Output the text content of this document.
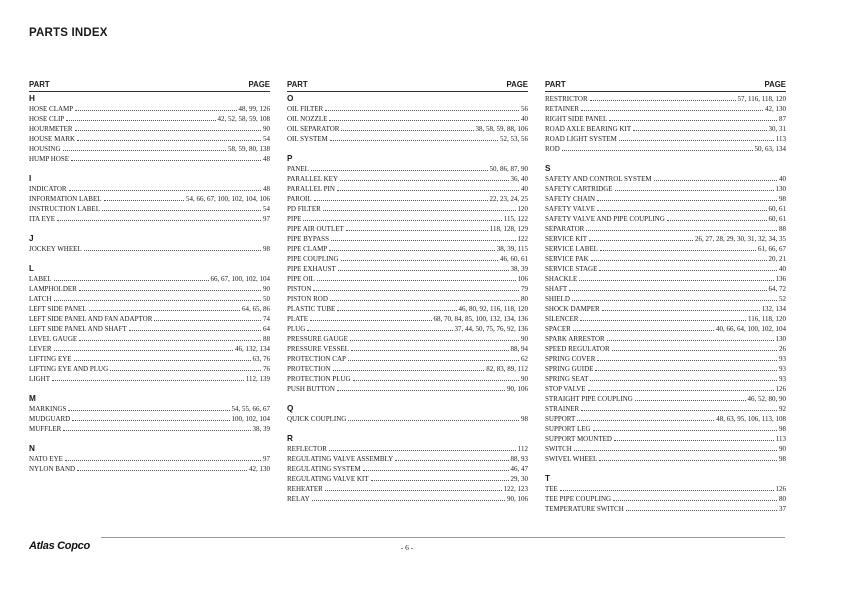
PARTS INDEX
PART	PAGE
H
HOSE CLAMP	48, 99, 126
HOSE CLIP	42, 52, 58, 59, 108
HOURMETER	90
HOUSE MARK	54
HOUSING	58, 59, 80, 138
HUMP HOSE	48
I
INDICATOR	48
INFORMATION LABEL	54, 66, 67, 100, 102, 104, 106
INSTRUCTION LABEL	54
ITA EYE	97
J
JOCKEY WHEEL	98
L
LABEL	66, 67, 100, 102, 104
LAMPHOLDER	90
LATCH	50
LEFT SIDE PANEL	64, 65, 86
LEFT SIDE PANEL AND FAN ADAPTOR	74
LEFT SIDE PANEL AND SHAFT	64
LEVEL GAUGE	88
LEVER	46, 132, 134
LIFTING EYE	63, 76
LIFTING EYE AND PLUG	76
LIGHT	112, 139
M
MARKINGS	54, 55, 66, 67
MUDGUARD	100, 102, 104
MUFFLER	38, 39
N
NATO EYE	97
NYLON BAND	42, 130
PART	PAGE
O
OIL FILTER	56
OIL NOZZLE	40
OIL SEPARATOR	38, 58, 59, 88, 106
OIL SYSTEM	52, 53, 56
P
PANEL	50, 86, 87, 90
PARALLEL KEY	36, 40
PARALLEL PIN	40
PAROIL	22, 23, 24, 25
PD FILTER	120
PIPE	115, 122
PIPE AIR OUTLET	118, 128, 129
PIPE BYPASS	122
PIPE CLAMP	38, 39, 115
PIPE COUPLING	46, 60, 61
PIPE EXHAUST	38, 39
PIPE OIL	106
PISTON	79
PISTON ROD	80
PLASTIC TUBE	46, 80, 92, 116, 118, 120
PLATE	68, 70, 84, 85, 100, 132, 134, 136
PLUG	37, 44, 50, 75, 76, 92, 136
PRESSURE GAUGE	90
PRESSURE VESSEL	88, 94
PROTECTION CAP	62
PROTECTION	82, 83, 89, 112
PROTECTION PLUG	90
PUSH BUTTON	90, 106
Q
QUICK COUPLING	98
R
REFLECTOR	112
REGULATING VALVE ASSEMBLY	88, 93
REGULATING SYSTEM	46, 47
REGULATING VALVE KIT	29, 30
REHEATER	122, 123
RELAY	90, 106
PART	PAGE
RESTRICTOR	57, 116, 118, 120
RETAINER	42, 130
RIGHT SIDE PANEL	87
ROAD AXLE BEARING KIT	30, 31
ROAD LIGHT SYSTEM	113
ROD	50, 63, 134
S
SAFETY AND CONTROL SYSTEM	40
SAFETY CARTRIDGE	130
SAFETY CHAIN	98
SAFETY VALVE	60, 61
SAFETY VALVE AND PIPE COUPLING	60, 61
SEPARATOR	88
SERVICE KIT	26, 27, 28, 29, 30, 31, 32, 34, 35
SERVICE LABEL	61, 66, 67
SERVICE PAK	20, 21
SERVICE STAGE	40
SHACKLE	136
SHAFT	64, 72
SHIELD	52
SHOCK DAMPER	132, 134
SILENCER	116, 118, 120
SPACER	40, 66, 64, 100, 102, 104
SPARK ARRESTOR	130
SPEED REGULATOR	26
SPRING COVER	93
SPRING GUIDE	93
SPRING SEAT	93
STOP VALVE	126
STRAIGHT PIPE COUPLING	46, 52, 80, 90
STRAINER	92
SUPPORT	48, 63, 95, 106, 113, 108
SUPPORT LEG	98
SUPPORT MOUNTED	113
SWITCH	90
SWIVEL WHEEL	98
T
TEE	126
TEE PIPE COUPLING	80
TEMPERATURE SWITCH	37
Atlas Copco	- 6 -
